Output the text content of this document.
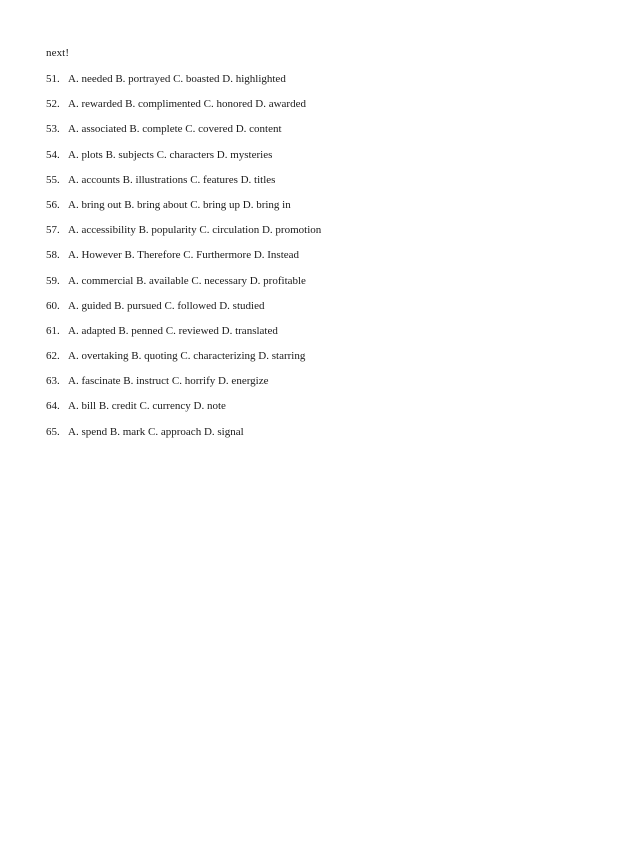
next!
51. A. needed B. portrayed C. boasted D. highlighted
52. A. rewarded B. complimented C. honored D. awarded
53. A. associated B. complete C. covered D. content
54. A. plots B. subjects C. characters D. mysteries
55. A. accounts B. illustrations C. features D. titles
56. A. bring out B. bring about C. bring up D. bring in
57. A. accessibility B. popularity C. circulation D. promotion
58. A. However B. Therefore C. Furthermore D. Instead
59. A. commercial B. available C. necessary D. profitable
60. A. guided B. pursued C. followed D. studied
61. A. adapted B. penned C. reviewed D. translated
62. A. overtaking B. quoting C. characterizing D. starring
63. A. fascinate B. instruct C. horrify D. energize
64. A. bill B. credit C. currency D. note
65. A. spend B. mark C. approach D. signal
